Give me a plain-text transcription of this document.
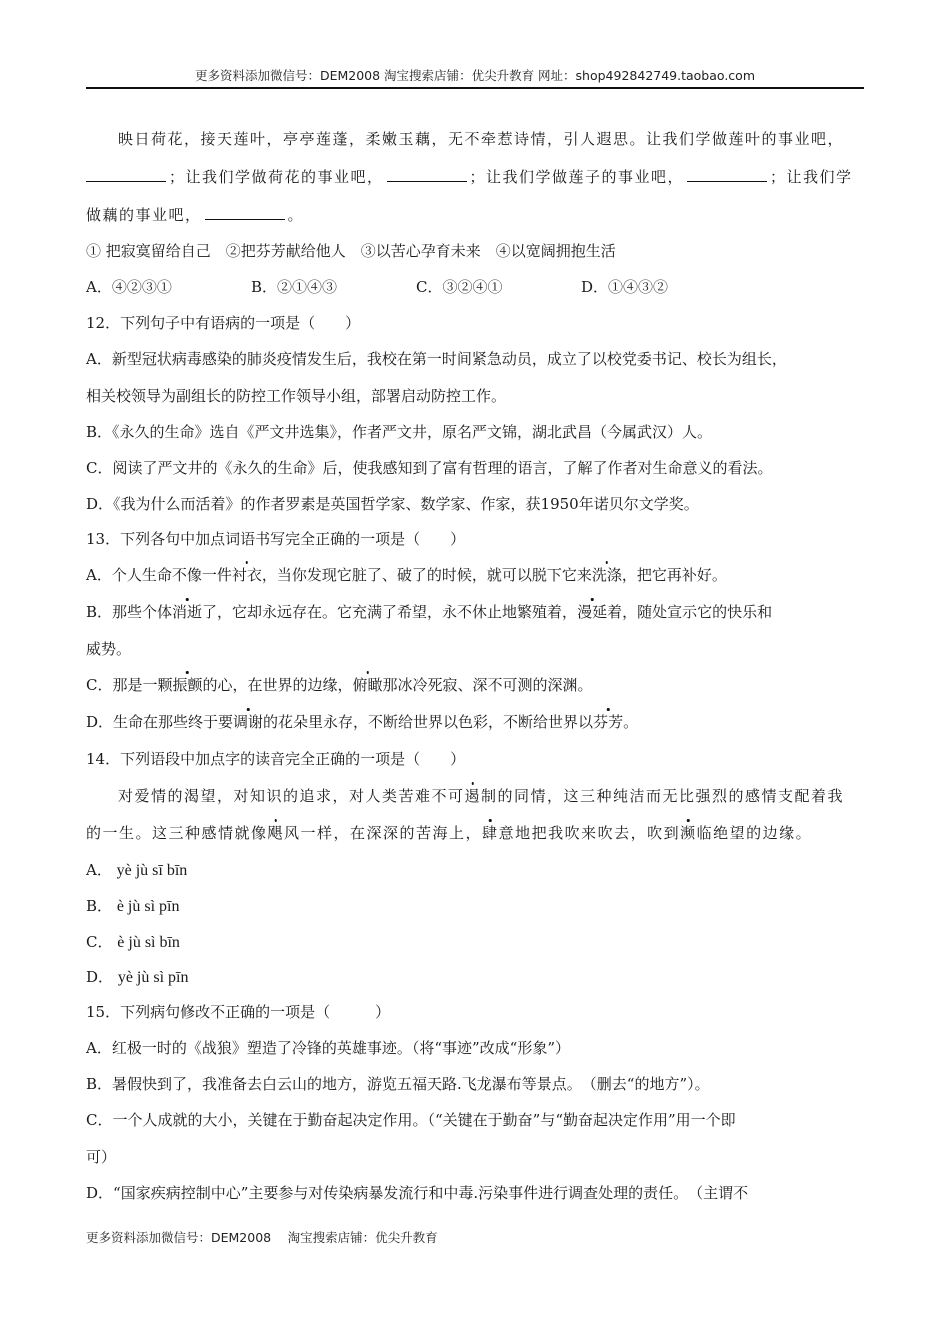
更多资料添加微信号：DEM2008 淘宝搜索店铺：优尖升教育 网址：shop492842749.taobao.com
映日荷花，接天莲叶，亭亭莲蓬，柔嫩玉藕，无不牵惹诗情，引人遐思。让我们学做莲叶的事业吧，
；让我们学做荷花的事业吧，	；让我们学做莲子的事业吧，	；让我们学
做藕的事业吧，	。
① 把寂寞留给自己　②把芬芳献给他人　③以苦心孕育未来　④以宽阔拥抱生活
A．④②③①	B．②①④③	C．③②④①	D．①④③②
12．下列句子中有语病的一项是（　　）
A．新型冠状病毒感染的肺炎疫情发生后，我校在第一时间紧急动员，成立了以校党委书记、校长为组长，
相关校领导为副组长的防控工作领导小组，部署启动防控工作。
B．《永久的生命》选自《严文井选集》，作者严文井，原名严文锦，湖北武昌（今属武汉）人。
C．阅读了严文井的《永久的生命》后，使我感知到了富有哲理的语言，了解了作者对生命意义的看法。
D．《我为什么而活着》的作者罗素是英国哲学家、数学家、作家，获1950年诺贝尔文学奖。
13．下列各句中加点词语书写完全正确的一项是（　　）
A．个人生命不像一件衬衣，当你发现它脏了、破了的时候，就可以脱下它来洗涤，把它再补好。
B．那些个体消逝了，它却永远存在。它充满了希望，永不休止地繁殖着，漫延着，随处宣示它的快乐和
威势。
C．那是一颗振颤的心，在世界的边缘，俯瞰那冰冷死寂、深不可测的深渊。
D．生命在那些终于要调谢的花朵里永存，不断给世界以色彩，不断给世界以芬芳。
14．下列语段中加点字的读音完全正确的一项是（　　）
对爱情的渴望，对知识的追求，对人类苦难不可遏制的同情，这三种纯洁而无比强烈的感情支配着我
的一生。这三种感情就像飓风一样，在深深的苦海上，肆意地把我吹来吹去，吹到濒临绝望的边缘。
A． yè jù sī bīn
B． è jù sì pīn
C． è jù sì bīn
D． yè jù sì pīn
15．下列病句修改不正确的一项是（　　　）
A．红极一时的《战狼》塑造了冷锋的英雄事迹。（将“事迹”改成“形象”）
B．暑假快到了，我准备去白云山的地方，游览五福天路.飞龙瀑布等景点。　（删去“的地方”）。
C．一个人成就的大小，关键在于勤奋起决定作用。（“关键在于勤奋”与“勤奋起决定作用”用一个即
可）
D．“国家疾病控制中心”主要参与对传染病暴发流行和中毒.污染事件进行调查处理的责任。　（主谓不
更多资料添加微信号：DEM2008　 淘宝搜索店铺：优尖升教育
